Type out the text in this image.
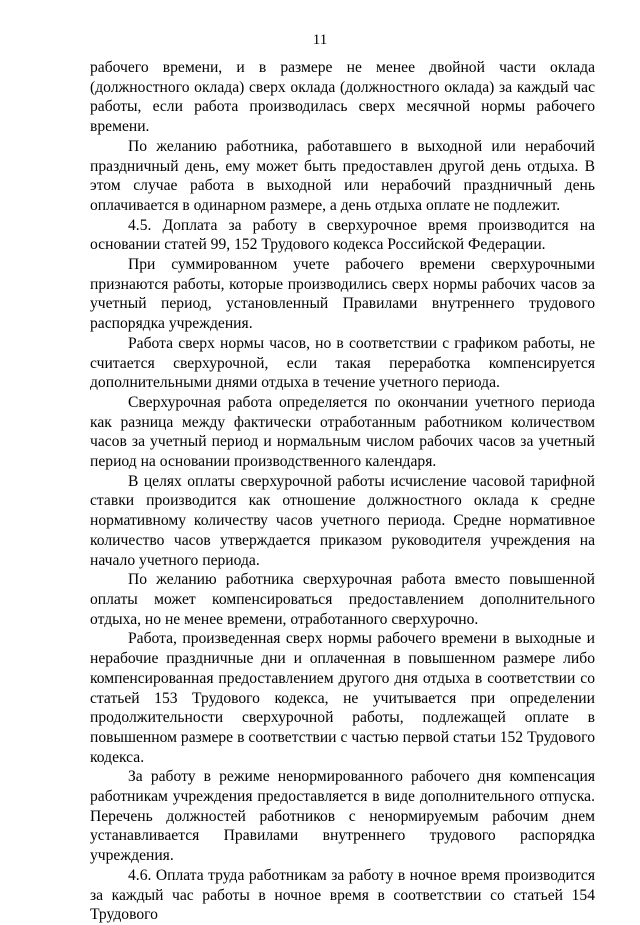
11

рабочего времени, и в размере не менее двойной части оклада (должностного оклада) сверх оклада (должностного оклада) за каждый час работы, если работа производилась сверх месячной нормы рабочего времени.

По желанию работника, работавшего в выходной или нерабочий праздничный день, ему может быть предоставлен другой день отдыха. В этом случае работа в выходной или нерабочий праздничный день оплачивается в одинарном размере, а день отдыха оплате не подлежит.

4.5. Доплата за работу в сверхурочное время производится на основании статей 99, 152 Трудового кодекса Российской Федерации.

При суммированном учете рабочего времени сверхурочными признаются работы, которые производились сверх нормы рабочих часов за учетный период, установленный Правилами внутреннего трудового распорядка учреждения.

Работа сверх нормы часов, но в соответствии с графиком работы, не считается сверхурочной, если такая переработка компенсируется дополнительными днями отдыха в течение учетного периода.

Сверхурочная работа определяется по окончании учетного периода как разница между фактически отработанным работником количеством часов за учетный период и нормальным числом рабочих часов за учетный период на основании производственного календаря.

В целях оплаты сверхурочной работы исчисление часовой тарифной ставки производится как отношение должностного оклада к средне нормативному количеству часов учетного периода. Средне нормативное количество часов утверждается приказом руководителя учреждения на начало учетного периода.

По желанию работника сверхурочная работа вместо повышенной оплаты может компенсироваться предоставлением дополнительного отдыха, но не менее времени, отработанного сверхурочно.

Работа, произведенная сверх нормы рабочего времени в выходные и нерабочие праздничные дни и оплаченная в повышенном размере либо компенсированная предоставлением другого дня отдыха в соответствии со статьей 153 Трудового кодекса, не учитывается при определении продолжительности сверхурочной работы, подлежащей оплате в повышенном размере в соответствии с частью первой статьи 152 Трудового кодекса.

За работу в режиме ненормированного рабочего дня компенсация работникам учреждения предоставляется в виде дополнительного отпуска. Перечень должностей работников с ненормируемым рабочим днем устанавливается Правилами внутреннего трудового распорядка учреждения.

4.6. Оплата труда работникам за работу в ночное время производится за каждый час работы в ночное время в соответствии со статьей 154 Трудового
